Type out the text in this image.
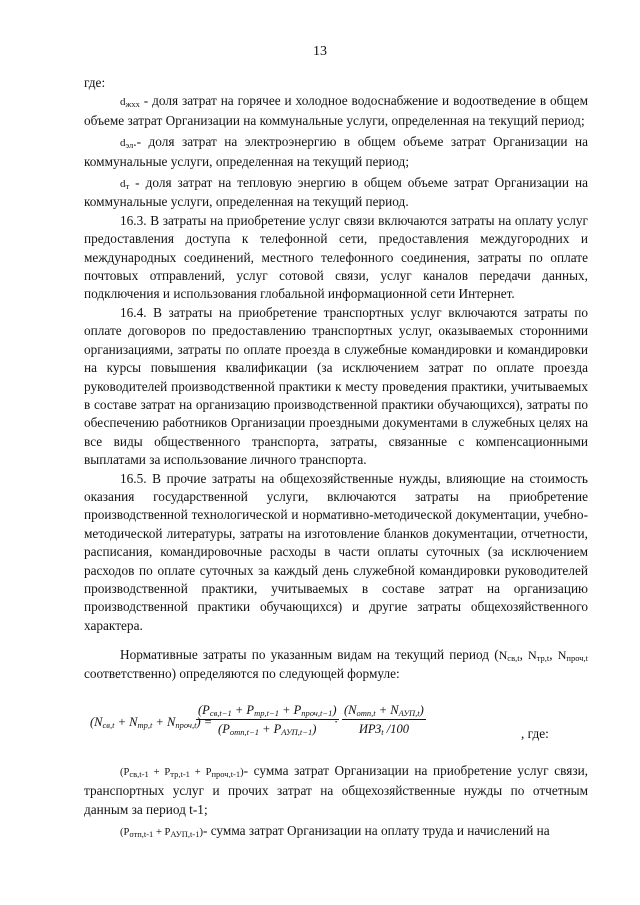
13

где:

$d_{жхх}$ - доля затрат на горячее и холодное водоснабжение и водоотведение в общем объеме затрат Организации на коммунальные услуги, определенная на текущий период;

$d_{эл}.-$ доля затрат на электроэнергию в общем объеме затрат Организации на коммунальные услуги, определенная на текущий период;

$d_т$ - доля затрат на тепловую энергию в общем объеме затрат Организации на коммунальные услуги, определенная на текущий период.

16.3. В затраты на приобретение услуг связи включаются затраты на оплату услуг предоставления доступа к телефонной сети, предоставления междугородних и международных соединений, местного телефонного соединения, затраты по оплате почтовых отправлений, услуг сотовой связи, услуг каналов передачи данных, подключения и использования глобальной информационной сети Интернет.

16.4. В затраты на приобретение транспортных услуг включаются затраты по оплате договоров по предоставлению транспортных услуг, оказываемых сторонними организациями, затраты по оплате проезда в служебные командировки и командировки на курсы повышения квалификации (за исключением затрат по оплате проезда руководителей производственной практики к месту проведения практики, учитываемых в составе затрат на организацию производственной практики обучающихся), затраты по обеспечению работников Организации проездными документами в служебных целях на все виды общественного транспорта, затраты, связанные с компенсационными выплатами за использование личного транспорта.

16.5. В прочие затраты на общехозяйственные нужды, влияющие на стоимость оказания государственной услуги, включаются затраты на приобретение производственной технологической и нормативно-методической документации, учебно-методической литературы, затраты на изготовление бланков документации, отчетности, расписания, командировочные расходы в части оплаты суточных (за исключением расходов по оплате суточных за каждый день служебной командировки руководителей производственной практики, учитываемых в составе затрат на организацию производственной практики обучающихся) и другие затраты общехозяйственного характера.

Нормативные затраты по указанным видам на текущий период ($N_{св,t}$, $N_{тр,t}$, $N_{проч,t}$ соответственно) определяются по следующей формуле:

$(N_{св,t} + N_{тр,t} + N_{проч,t})$ =
$(P_{св,t-1} + P_{тр,t-1} + P_{проч,t-1})$
$(P_{отп,t-1} + P_{АУП,t-1})$
·
$(N_{отп,t} + N_{АУП,t})$
$ИРЗ_t$ /100	, где:

$(P_{св,t-1} + P_{тр,t-1} + P_{проч,t-1})-$ сумма затрат Организации на приобретение услуг связи, транспортных услуг и прочих затрат на общехозяйственные нужды по отчетным данным за период t-1;

$(P_{отп,t-1} + P_{АУП,t-1})-$ сумма затрат Организации на оплату труда и начислений на
